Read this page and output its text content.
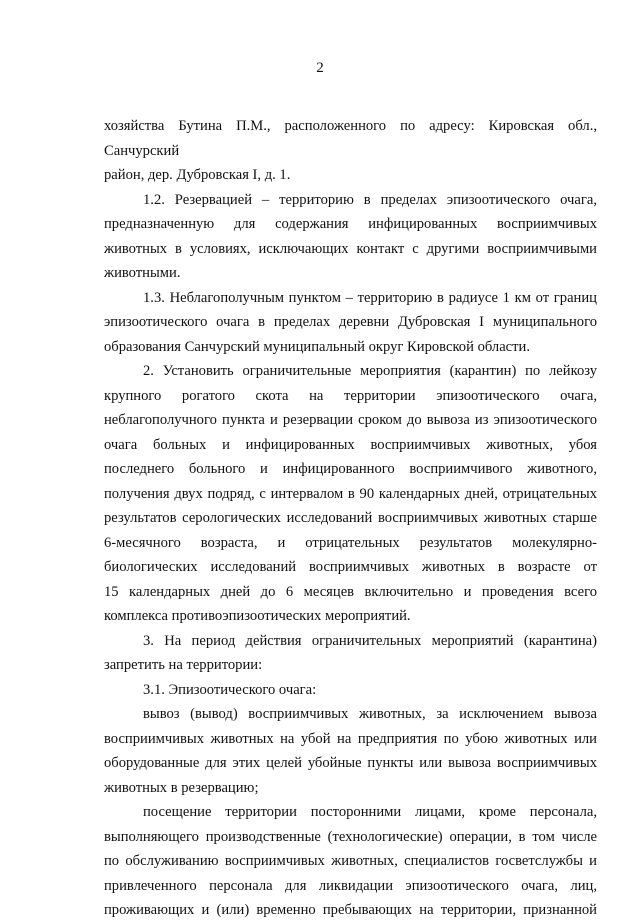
2

хозяйства Бутина П.М., расположенного по адресу: Кировская обл., Санчурский

район, дер. Дубровская I, д. 1.

1.2. Резервацией – территорию в пределах эпизоотического очага,

предназначенную для содержания инфицированных восприимчивых

животных в условиях, исключающих контакт с другими восприимчивыми

животными.

1.3. Неблагополучным пунктом – территорию в радиусе 1 км от границ

эпизоотического очага в пределах деревни Дубровская I муниципального

образования Санчурский муниципальный округ Кировской области.

2. Установить ограничительные мероприятия (карантин) по лейкозу

крупного рогатого скота на территории эпизоотического очага,

неблагополучного пункта и резервации сроком до вывоза из эпизоотического

очага больных и инфицированных восприимчивых животных, убоя

последнего больного и инфицированного восприимчивого животного,

получения двух подряд, с интервалом в 90 календарных дней, отрицательных

результатов серологических исследований восприимчивых животных старше

6-месячного возраста, и отрицательных результатов молекулярно-

биологических исследований восприимчивых животных в возрасте от

15 календарных дней до 6 месяцев включительно и проведения всего

комплекса противоэпизоотических мероприятий.

3. На период действия ограничительных мероприятий (карантина)

запретить на территории:

3.1. Эпизоотического очага:

вывоз (вывод) восприимчивых животных, за исключением вывоза

восприимчивых животных на убой на предприятия по убою животных или

оборудованные для этих целей убойные пункты или вывоза восприимчивых

животных в резервацию;

посещение территории посторонними лицами, кроме персонала,

выполняющего производственные (технологические) операции, в том числе

по обслуживанию восприимчивых животных, специалистов госветслужбы и

привлеченного персонала для ликвидации эпизоотического очага, лиц,

проживающих и (или) временно пребывающих на территории, признанной
